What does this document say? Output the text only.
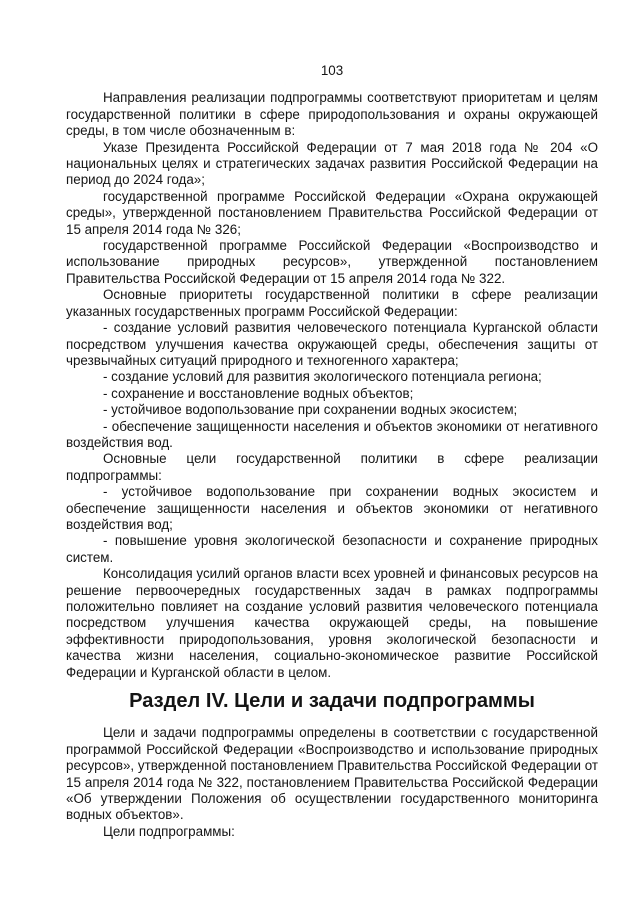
103

Направления реализации подпрограммы соответствуют приоритетам и целям государственной политики в сфере природопользования и охраны окружающей среды, в том числе обозначенным в:

Указе Президента Российской Федерации от 7 мая 2018 года № 204 «О национальных целях и стратегических задачах развития Российской Федерации на период до 2024 года»;

государственной программе Российской Федерации «Охрана окружающей среды», утвержденной постановлением Правительства Российской Федерации от 15 апреля 2014 года № 326;

государственной программе Российской Федерации «Воспроизводство и использование природных ресурсов», утвержденной постановлением Правительства Российской Федерации от 15 апреля 2014 года № 322.

Основные приоритеты государственной политики в сфере реализации указанных государственных программ Российской Федерации:

- создание условий развития человеческого потенциала Курганской области посредством улучшения качества окружающей среды, обеспечения защиты от чрезвычайных ситуаций природного и техногенного характера;

- создание условий для развития экологического потенциала региона;

- сохранение и восстановление водных объектов;

- устойчивое водопользование при сохранении водных экосистем;

- обеспечение защищенности населения и объектов экономики от негативного воздействия вод.

Основные цели государственной политики в сфере реализации подпрограммы:

- устойчивое водопользование при сохранении водных экосистем и обеспечение защищенности населения и объектов экономики от негативного воздействия вод;

- повышение уровня экологической безопасности и сохранение природных систем.

Консолидация усилий органов власти всех уровней и финансовых ресурсов на решение первоочередных государственных задач в рамках подпрограммы положительно повлияет на создание условий развития человеческого потенциала посредством улучшения качества окружающей среды, на повышение эффективности природопользования, уровня экологической безопасности и качества жизни населения, социально-экономическое развитие Российской Федерации и Курганской области в целом.

Раздел IV. Цели и задачи подпрограммы

Цели и задачи подпрограммы определены в соответствии с государственной программой Российской Федерации «Воспроизводство и использование природных ресурсов», утвержденной постановлением Правительства Российской Федерации от 15 апреля 2014 года № 322, постановлением Правительства Российской Федерации «Об утверждении Положения об осуществлении государственного мониторинга водных объектов».

Цели подпрограммы:
